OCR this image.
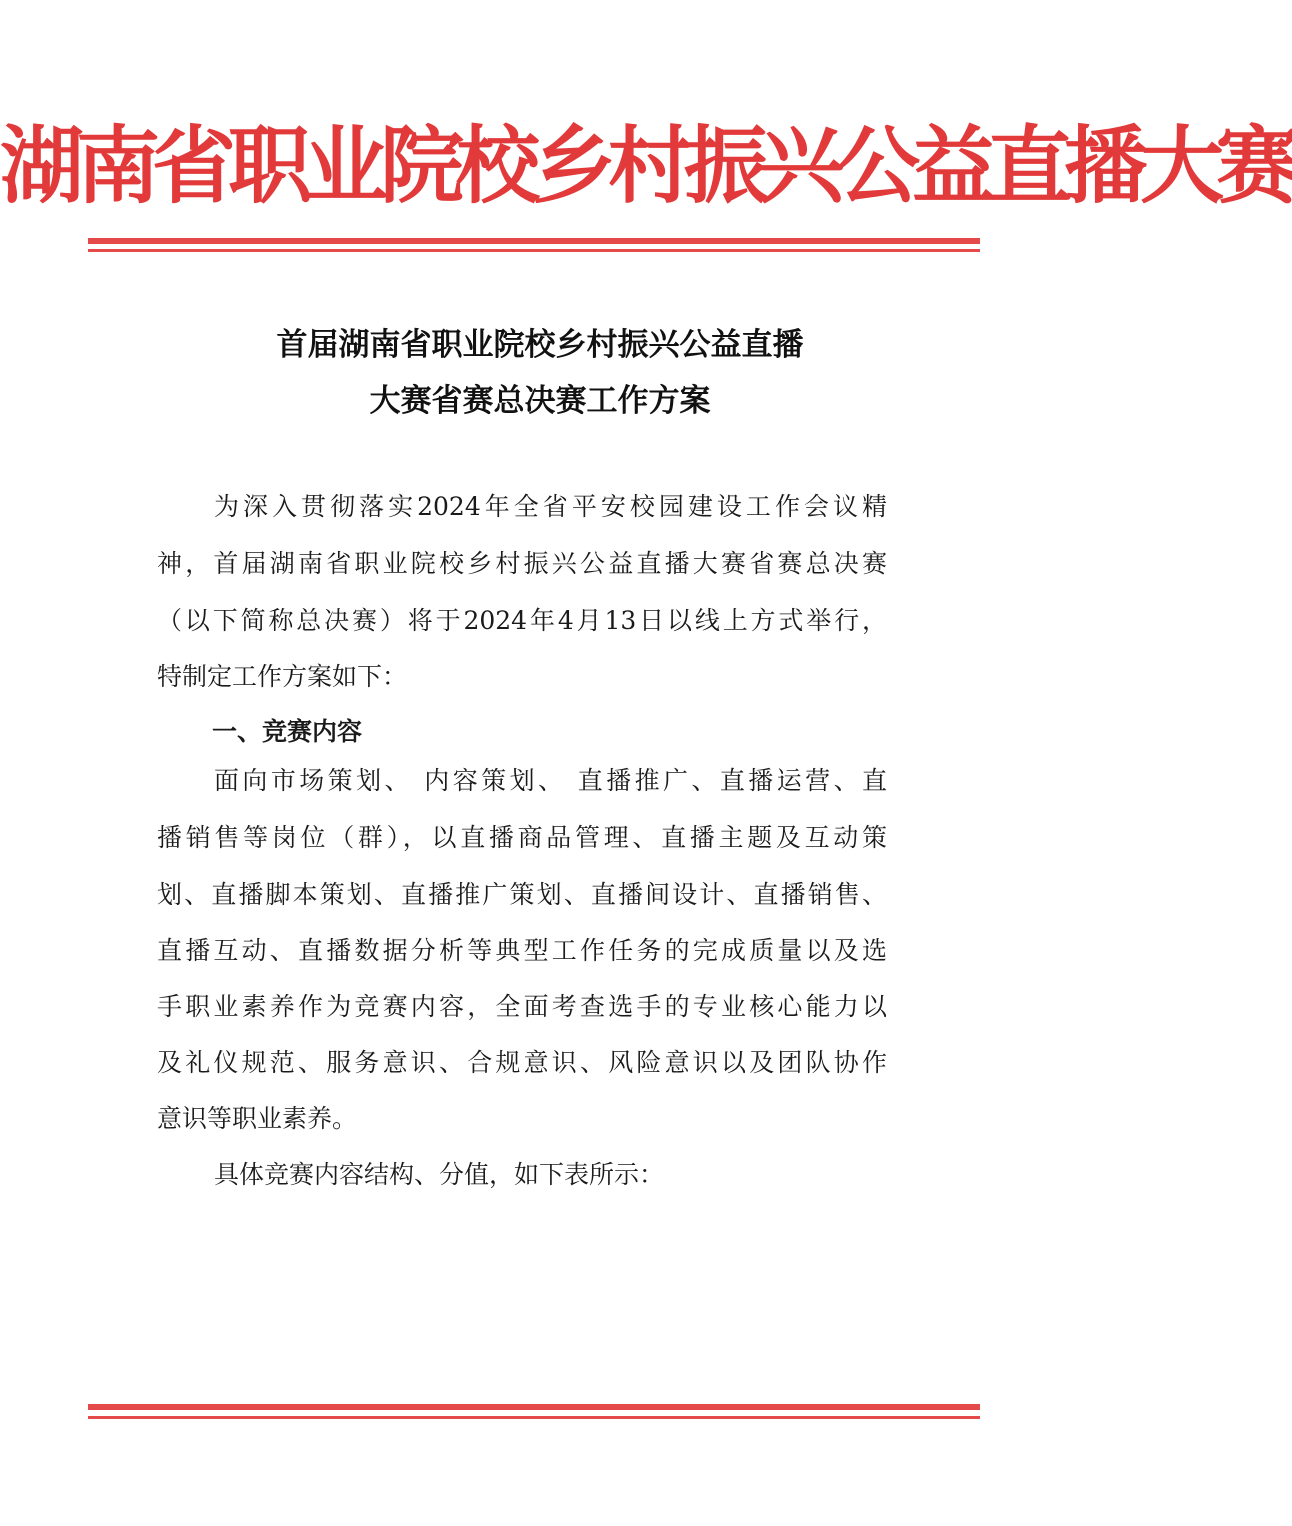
湖南省职业院校乡村振兴公益直播大赛
首届湖南省职业院校乡村振兴公益直播
大赛省赛总决赛工作方案
为深入贯彻落实2024年全省平安校园建设工作会议精
神，首届湖南省职业院校乡村振兴公益直播大赛省赛总决赛
（以下简称总决赛）将于2024年4月13日以线上方式举行，
特制定工作方案如下：
一、竞赛内容
面向市场策划、 内容策划、 直播推广、直播运营、直
播销售等岗位（群），以直播商品管理、直播主题及互动策
划、直播脚本策划、直播推广策划、直播间设计、直播销售、
直播互动、直播数据分析等典型工作任务的完成质量以及选
手职业素养作为竞赛内容，全面考查选手的专业核心能力以
及礼仪规范、服务意识、合规意识、风险意识以及团队协作
意识等职业素养。
具体竞赛内容结构、分值，如下表所示：
